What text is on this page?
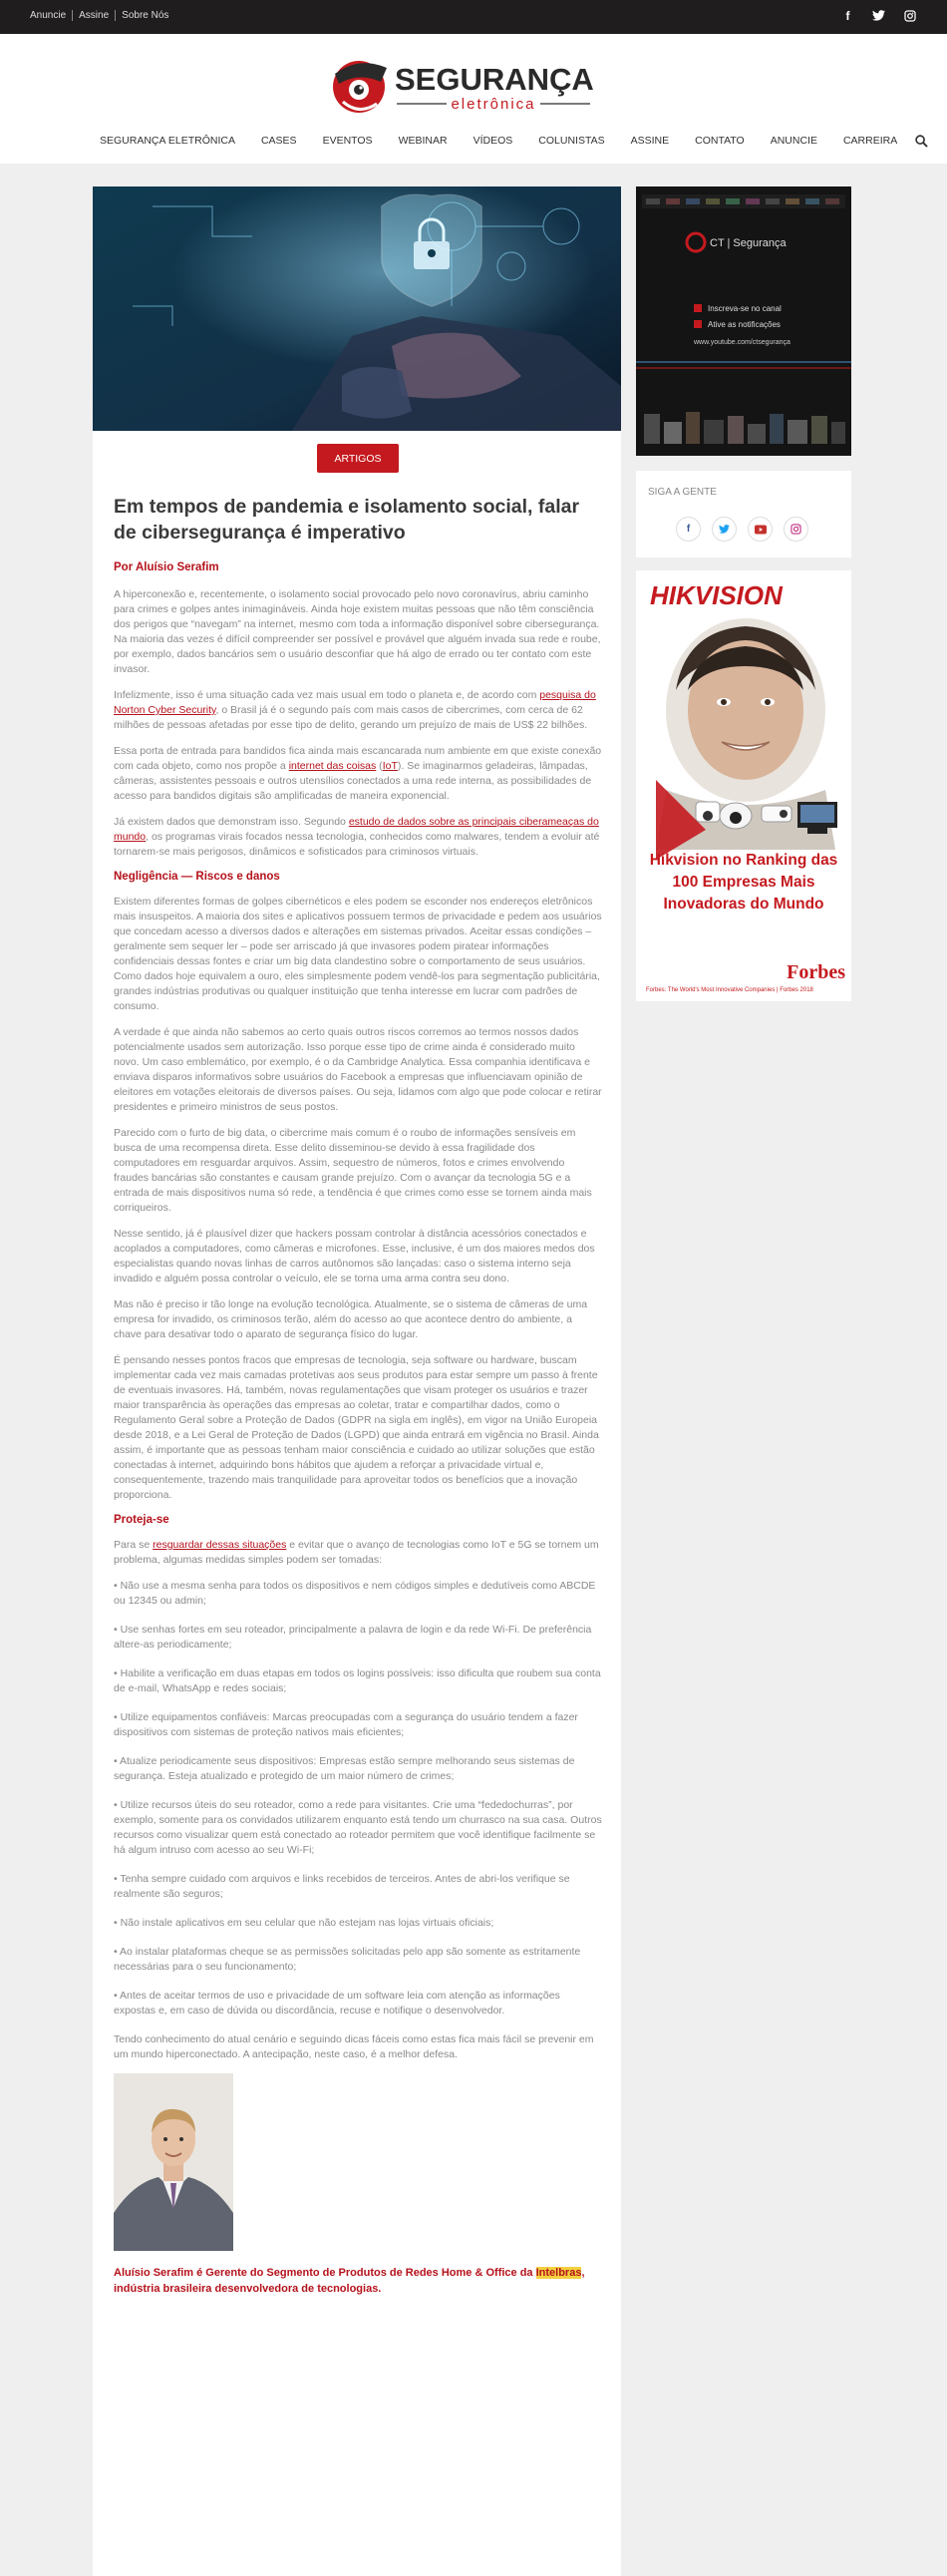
Anuncie	Assine	Sobre Nós	f
SEGURANÇA
eletrônica
SEGURANÇA ELETRÔNICA CASES EVENTOS WEBINAR VÍDEOS COLUNISTAS ASSINE CONTATO ANUNCIE CARREIRA
ARTIGOS
Em tempos de pandemia e isolamento social, falar de cibersegurança é imperativo
Por Aluísio Serafim

A hiperconexão e, recentemente, o isolamento social provocado pelo novo coronavírus, abriu caminho para crimes e golpes antes inimagináveis. Ainda hoje existem muitas pessoas que não têm consciência dos perigos que “navegam” na internet, mesmo com toda a informação disponível sobre cibersegurança. Na maioria das vezes é difícil compreender ser possível e provável que alguém invada sua rede e roube, por exemplo, dados bancários sem o usuário desconfiar que há algo de errado ou ter contato com este invasor.

Infelizmente, isso é uma situação cada vez mais usual em todo o planeta e, de acordo com pesquisa do Norton Cyber Security, o Brasil já é o segundo país com mais casos de cibercrimes, com cerca de 62 milhões de pessoas afetadas por esse tipo de delito, gerando um prejuízo de mais de US$ 22 bilhões.

Essa porta de entrada para bandidos fica ainda mais escancarada num ambiente em que existe conexão com cada objeto, como nos propõe a internet das coisas (IoT). Se imaginarmos geladeiras, lâmpadas, câmeras, assistentes pessoais e outros utensílios conectados a uma rede interna, as possibilidades de acesso para bandidos digitais são amplificadas de maneira exponencial.

Já existem dados que demonstram isso. Segundo estudo de dados sobre as principais ciberameaças do mundo, os programas virais focados nessa tecnologia, conhecidos como malwares, tendem a evoluir até tornarem-se mais perigosos, dinâmicos e sofisticados para criminosos virtuais.

Negligência — Riscos e danos

Existem diferentes formas de golpes cibernéticos e eles podem se esconder nos endereços eletrônicos mais insuspeitos. A maioria dos sites e aplicativos possuem termos de privacidade e pedem aos usuários que concedam acesso a diversos dados e alterações em sistemas privados. Aceitar essas condições – geralmente sem sequer ler – pode ser arriscado já que invasores podem piratear informações confidenciais dessas fontes e criar um big data clandestino sobre o comportamento de seus usuários. Como dados hoje equivalem a ouro, eles simplesmente podem vendê-los para segmentação publicitária, grandes indústrias produtivas ou qualquer instituição que tenha interesse em lucrar com padrões de consumo.

A verdade é que ainda não sabemos ao certo quais outros riscos corremos ao termos nossos dados potencialmente usados sem autorização. Isso porque esse tipo de crime ainda é considerado muito novo. Um caso emblemático, por exemplo, é o da Cambridge Analytica. Essa companhia identificava e enviava disparos informativos sobre usuários do Facebook a empresas que influenciavam opinião de eleitores em votações eleitorais de diversos países. Ou seja, lidamos com algo que pode colocar e retirar presidentes e primeiro ministros de seus postos.

Parecido com o furto de big data, o cibercrime mais comum é o roubo de informações sensíveis em busca de uma recompensa direta. Esse delito disseminou-se devido à essa fragilidade dos computadores em resguardar arquivos. Assim, sequestro de números, fotos e crimes envolvendo fraudes bancárias são constantes e causam grande prejuízo. Com o avançar da tecnologia 5G e a entrada de mais dispositivos numa só rede, a tendência é que crimes como esse se tornem ainda mais corriqueiros.

Nesse sentido, já é plausível dizer que hackers possam controlar à distância acessórios conectados e acoplados a computadores, como câmeras e microfones. Esse, inclusive, é um dos maiores medos dos especialistas quando novas linhas de carros autônomos são lançadas: caso o sistema interno seja invadido e alguém possa controlar o veículo, ele se torna uma arma contra seu dono.

Mas não é preciso ir tão longe na evolução tecnológica. Atualmente, se o sistema de câmeras de uma empresa for invadido, os criminosos terão, além do acesso ao que acontece dentro do ambiente, a chave para desativar todo o aparato de segurança físico do lugar.

É pensando nesses pontos fracos que empresas de tecnologia, seja software ou hardware, buscam implementar cada vez mais camadas protetivas aos seus produtos para estar sempre um passo à frente de eventuais invasores. Há, também, novas regulamentações que visam proteger os usuários e trazer maior transparência às operações das empresas ao coletar, tratar e compartilhar dados, como o Regulamento Geral sobre a Proteção de Dados (GDPR na sigla em inglês), em vigor na União Europeia desde 2018, e a Lei Geral de Proteção de Dados (LGPD) que ainda entrará em vigência no Brasil. Ainda assim, é importante que as pessoas tenham maior consciência e cuidado ao utilizar soluções que estão conectadas à internet, adquirindo bons hábitos que ajudem a reforçar a privacidade virtual e, consequentemente, trazendo mais tranquilidade para aproveitar todos os benefícios que a inovação proporciona.

Proteja-se

Para se resguardar dessas situações e evitar que o avanço de tecnologias como IoT e 5G se tornem um problema, algumas medidas simples podem ser tomadas:

• Não use a mesma senha para todos os dispositivos e nem códigos simples e dedutíveis como ABCDE ou 12345 ou admin;

• Use senhas fortes em seu roteador, principalmente a palavra de login e da rede Wi-Fi. De preferência altere-as periodicamente;

• Habilite a verificação em duas etapas em todos os logins possíveis: isso dificulta que roubem sua conta de e-mail, WhatsApp e redes sociais;

• Utilize equipamentos confiáveis: Marcas preocupadas com a segurança do usuário tendem a fazer dispositivos com sistemas de proteção nativos mais eficientes;

• Atualize periodicamente seus dispositivos: Empresas estão sempre melhorando seus sistemas de segurança. Esteja atualizado e protegido de um maior número de crimes;

• Utilize recursos úteis do seu roteador, como a rede para visitantes. Crie uma “fededochurras”, por exemplo, somente para os convidados utilizarem enquanto está tendo um churrasco na sua casa. Outros recursos como visualizar quem está conectado ao roteador permitem que você identifique facilmente se há algum intruso com acesso ao seu Wi-Fi;

• Tenha sempre cuidado com arquivos e links recebidos de terceiros. Antes de abri-los verifique se realmente são seguros;

• Não instale aplicativos em seu celular que não estejam nas lojas virtuais oficiais;

• Ao instalar plataformas cheque se as permissões solicitadas pelo app são somente as estritamente necessárias para o seu funcionamento;

• Antes de aceitar termos de uso e privacidade de um software leia com atenção as informações expostas e, em caso de dúvida ou discordância, recuse e notifique o desenvolvedor.

Tendo conhecimento do atual cenário e seguindo dicas fáceis como estas fica mais fácil se prevenir em um mundo hiperconectado. A antecipação, neste caso, é a melhor defesa.

Aluísio Serafim é Gerente do Segmento de Produtos de Redes Home & Office da Intelbras, indústria brasileira desenvolvedora de tecnologias.

CT | Segurança
Inscreva-se no canal
Ative as notificações
www.youtube.com/ctsegurança
SIGA A GENTE
f
HIKVISION
Hikvision no Ranking das 100 Empresas Mais Inovadoras do Mundo
Forbes
Forbes: The World's Most Innovative Companies | Forbes 2018
